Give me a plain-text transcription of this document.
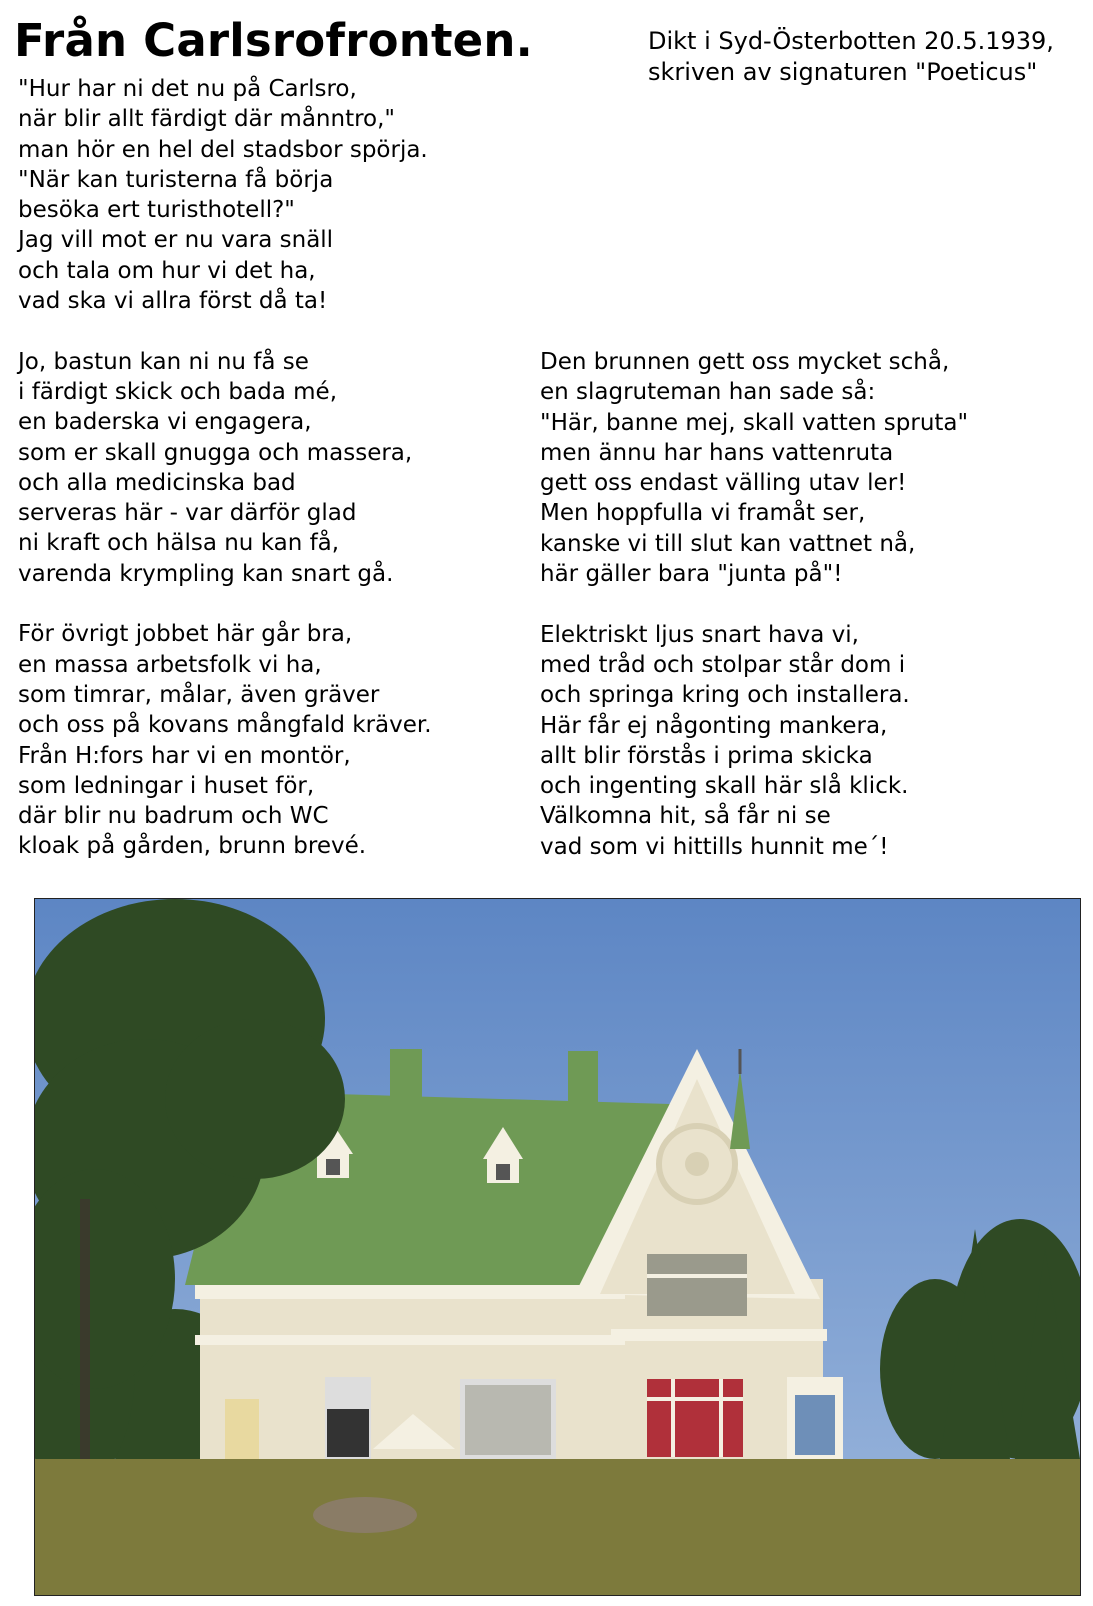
Från Carlsrofronten.	Dikt i Syd-Österbotten 20.5.1939,
skriven av signaturen "Poeticus"
"Hur har ni det nu på Carlsro,
när blir allt färdigt där månntro,"
man hör en hel del stadsbor spörja.
"När kan turisterna få börja
besöka ert turisthotell?"
Jag vill mot er nu vara snäll
och tala om hur vi det ha,
vad ska vi allra först då ta!
Jo, bastun kan ni nu få se
i färdigt skick och bada mé,
en baderska vi engagera,
som er skall gnugga och massera,
och alla medicinska bad
serveras här - var därför glad
ni kraft och hälsa nu kan få,
varenda krympling kan snart gå.
För övrigt jobbet här går bra,
en massa arbetsfolk vi ha,
som timrar, målar, även gräver
och oss på kovans mångfald kräver.
Från H:fors har vi en montör,
som ledningar i huset för,
där blir nu badrum och WC
kloak på gården, brunn brevé.
Den brunnen gett oss mycket schå,
en slagruteman han sade så:
"Här, banne mej, skall vatten spruta"
men ännu har hans vattenruta
gett oss endast välling utav ler!
Men hoppfulla vi framåt ser,
kanske vi till slut kan vattnet nå,
här gäller bara "junta på"!
Elektriskt ljus snart hava vi,
med tråd och stolpar står dom i
och springa kring och installera.
Här får ej någonting mankera,
allt blir förstås i prima skicka
och ingenting skall här slå klick.
Välkomna hit, så får ni se
vad som vi hittills hunnit me´!
